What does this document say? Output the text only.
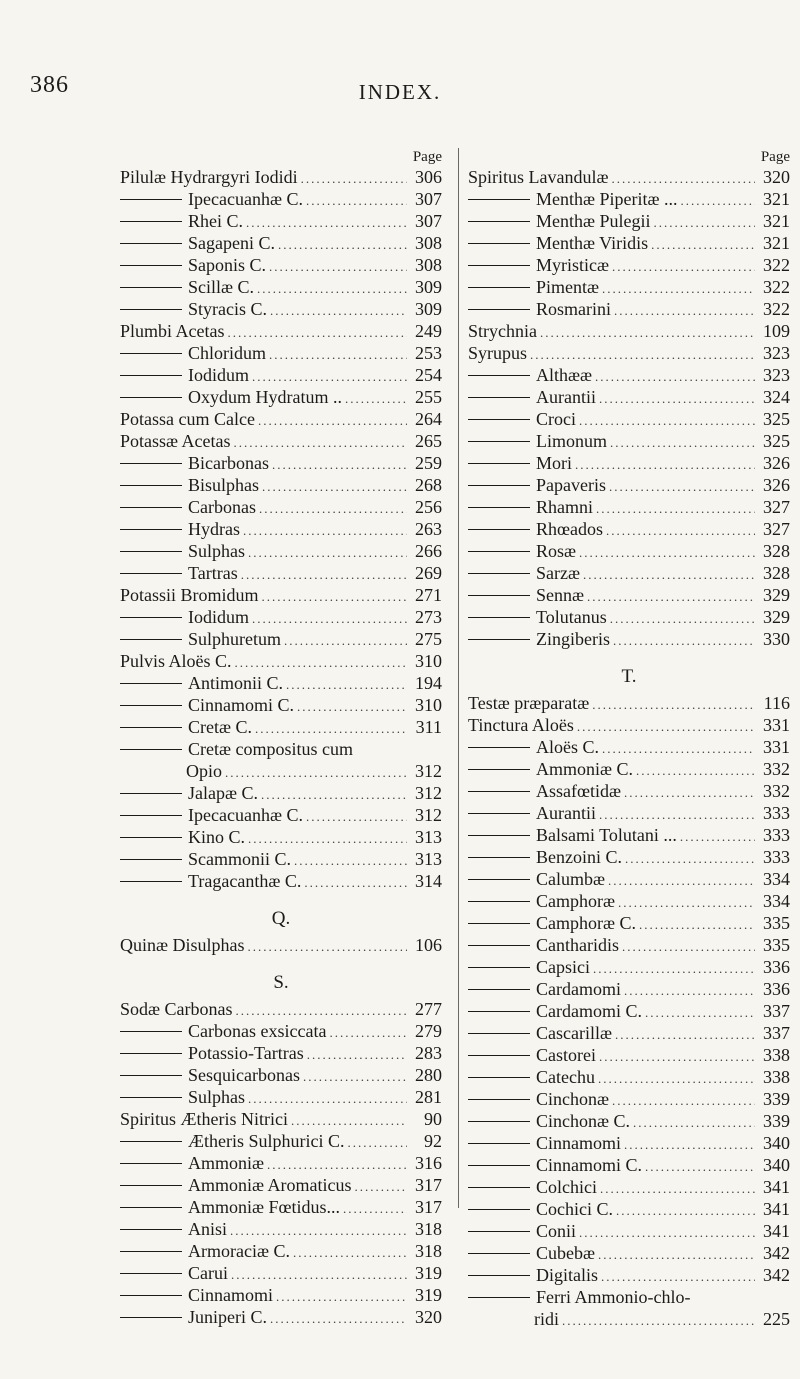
386	INDEX.
Page
Pilulæ Hydrargyri Iodidi .....	306
Ipecacuanhæ C. .....	307
Rhei C. .....	307
Sagapeni C. .....	308
Saponis C. .....	308
Scillæ C. .....	309
Styracis C. .....	309
Plumbi Acetas .....	249
Chloridum .....	253
Iodidum .....	254
Oxydum Hydratum .. .....	255
Potassa cum Calce .....	264
Potassæ Acetas .....	265
Bicarbonas .....	259
Bisulphas .....	268
Carbonas .....	256
Hydras .....	263
Sulphas .....	266
Tartras .....	269
Potassii Bromidum .....	271
Iodidum .....	273
Sulphuretum .....	275
Pulvis Aloës C. .....	310
Antimonii C. .....	194
Cinnamomi C. .....	310
Cretæ C. .....	311
Cretæ compositus cum
Opio .....	312
Jalapæ C. .....	312
Ipecacuanhæ C. .....	312
Kino C. .....	313
Scammonii C. .....	313
Tragacanthæ C. .....	314
Q.
Quinæ Disulphas .....	106
S.
Sodæ Carbonas .....	277
Carbonas exsiccata .....	279
Potassio-Tartras .....	283
Sesquicarbonas .....	280
Sulphas .....	281
Spiritus Ætheris Nitrici .....	90
Ætheris Sulphurici C. .....	92
Ammoniæ .....	316
Ammoniæ Aromaticus .....	317
Ammoniæ Fœtidus... .....	317
Anisi .....	318
Armoraciæ C. .....	318
Carui .....	319
Cinnamomi .....	319
Juniperi C. .....	320
Page
Spiritus Lavandulæ .....	320
Menthæ Piperitæ ... .....	321
Menthæ Pulegii .....	321
Menthæ Viridis .....	321
Myristicæ .....	322
Pimentæ .....	322
Rosmarini .....	322
Strychnia .....	109
Syrupus .....	323
Althææ .....	323
Aurantii .....	324
Croci .....	325
Limonum .....	325
Mori .....	326
Papaveris .....	326
Rhamni .....	327
Rhœados .....	327
Rosæ .....	328
Sarzæ .....	328
Sennæ .....	329
Tolutanus .....	329
Zingiberis .....	330
T.
Testæ præparatæ .....	116
Tinctura Aloës .....	331
Aloës C. .....	331
Ammoniæ C. .....	332
Assafœtidæ .....	332
Aurantii .....	333
Balsami Tolutani ... .....	333
Benzoini C. .....	333
Calumbæ .....	334
Camphoræ .....	334
Camphoræ C. .....	335
Cantharidis .....	335
Capsici .....	336
Cardamomi .....	336
Cardamomi C. .....	337
Cascarillæ .....	337
Castorei .....	338
Catechu .....	338
Cinchonæ .....	339
Cinchonæ C. .....	339
Cinnamomi .....	340
Cinnamomi C. .....	340
Colchici .....	341
Cochici C. .....	341
Conii .....	341
Cubebæ .....	342
Digitalis .....	342
Ferri Ammonio-chlo-
ridi .....	225
